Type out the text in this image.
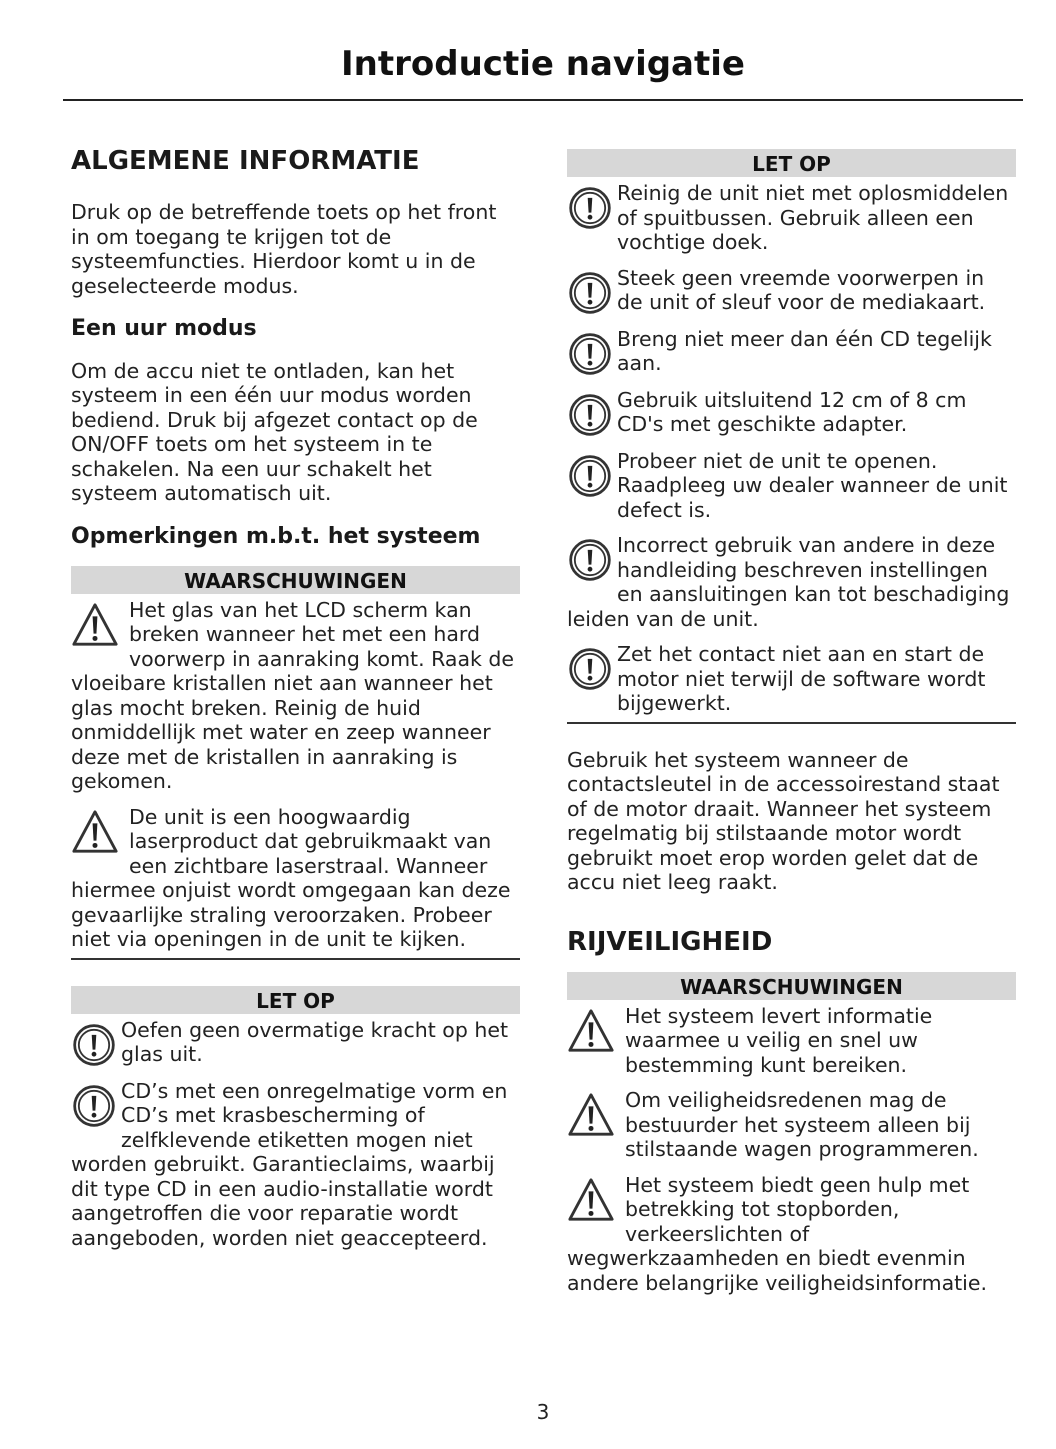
Introductie navigatie
ALGEMENE INFORMATIE

Druk op de betreffende toets op het front in om toegang te krijgen tot de systeemfuncties. Hierdoor komt u in de geselecteerde modus.

Een uur modus

Om de accu niet te ontladen, kan het systeem in een één uur modus worden bediend. Druk bij afgezet contact op de ON/OFF toets om het systeem in te schakelen. Na een uur schakelt het systeem automatisch uit.

Opmerkingen m.b.t. het systeem
WAARSCHUWINGEN
Het glas van het LCD scherm kan breken wanneer het met een hard voorwerp in aanraking komt. Raak de vloeibare kristallen niet aan wanneer het glas mocht breken. Reinig de huid onmiddellijk met water en zeep wanneer deze met de kristallen in aanraking is gekomen.
De unit is een hoogwaardig laserproduct dat gebruikmaakt van een zichtbare laserstraal. Wanneer hiermee onjuist wordt omgegaan kan deze gevaarlijke straling veroorzaken. Probeer niet via openingen in de unit te kijken.
LET OP
Oefen geen overmatige kracht op het glas uit.
CD’s met een onregelmatige vorm en CD’s met krasbescherming of zelfklevende etiketten mogen niet worden gebruikt. Garantieclaims, waarbij dit type CD in een audio-installatie wordt aangetroffen die voor reparatie wordt aangeboden, worden niet geaccepteerd.
LET OP
Reinig de unit niet met oplosmiddelen of spuitbussen. Gebruik alleen een vochtige doek.
Steek geen vreemde voorwerpen in de unit of sleuf voor de mediakaart.
Breng niet meer dan één CD tegelijk aan.
Gebruik uitsluitend 12 cm of 8 cm CD's met geschikte adapter.
Probeer niet de unit te openen. Raadpleeg uw dealer wanneer de unit defect is.
Incorrect gebruik van andere in deze handleiding beschreven instellingen en aansluitingen kan tot beschadiging leiden van de unit.
Zet het contact niet aan en start de motor niet terwijl de software wordt bijgewerkt.

Gebruik het systeem wanneer de contactsleutel in de accessoirestand staat of de motor draait. Wanneer het systeem regelmatig bij stilstaande motor wordt gebruikt moet erop worden gelet dat de accu niet leeg raakt.

RIJVEILIGHEID
WAARSCHUWINGEN
Het systeem levert informatie waarmee u veilig en snel uw bestemming kunt bereiken.
Om veiligheidsredenen mag de bestuurder het systeem alleen bij stilstaande wagen programmeren.
Het systeem biedt geen hulp met betrekking tot stopborden, verkeerslichten of wegwerkzaamheden en biedt evenmin andere belangrijke veiligheidsinformatie.
3
